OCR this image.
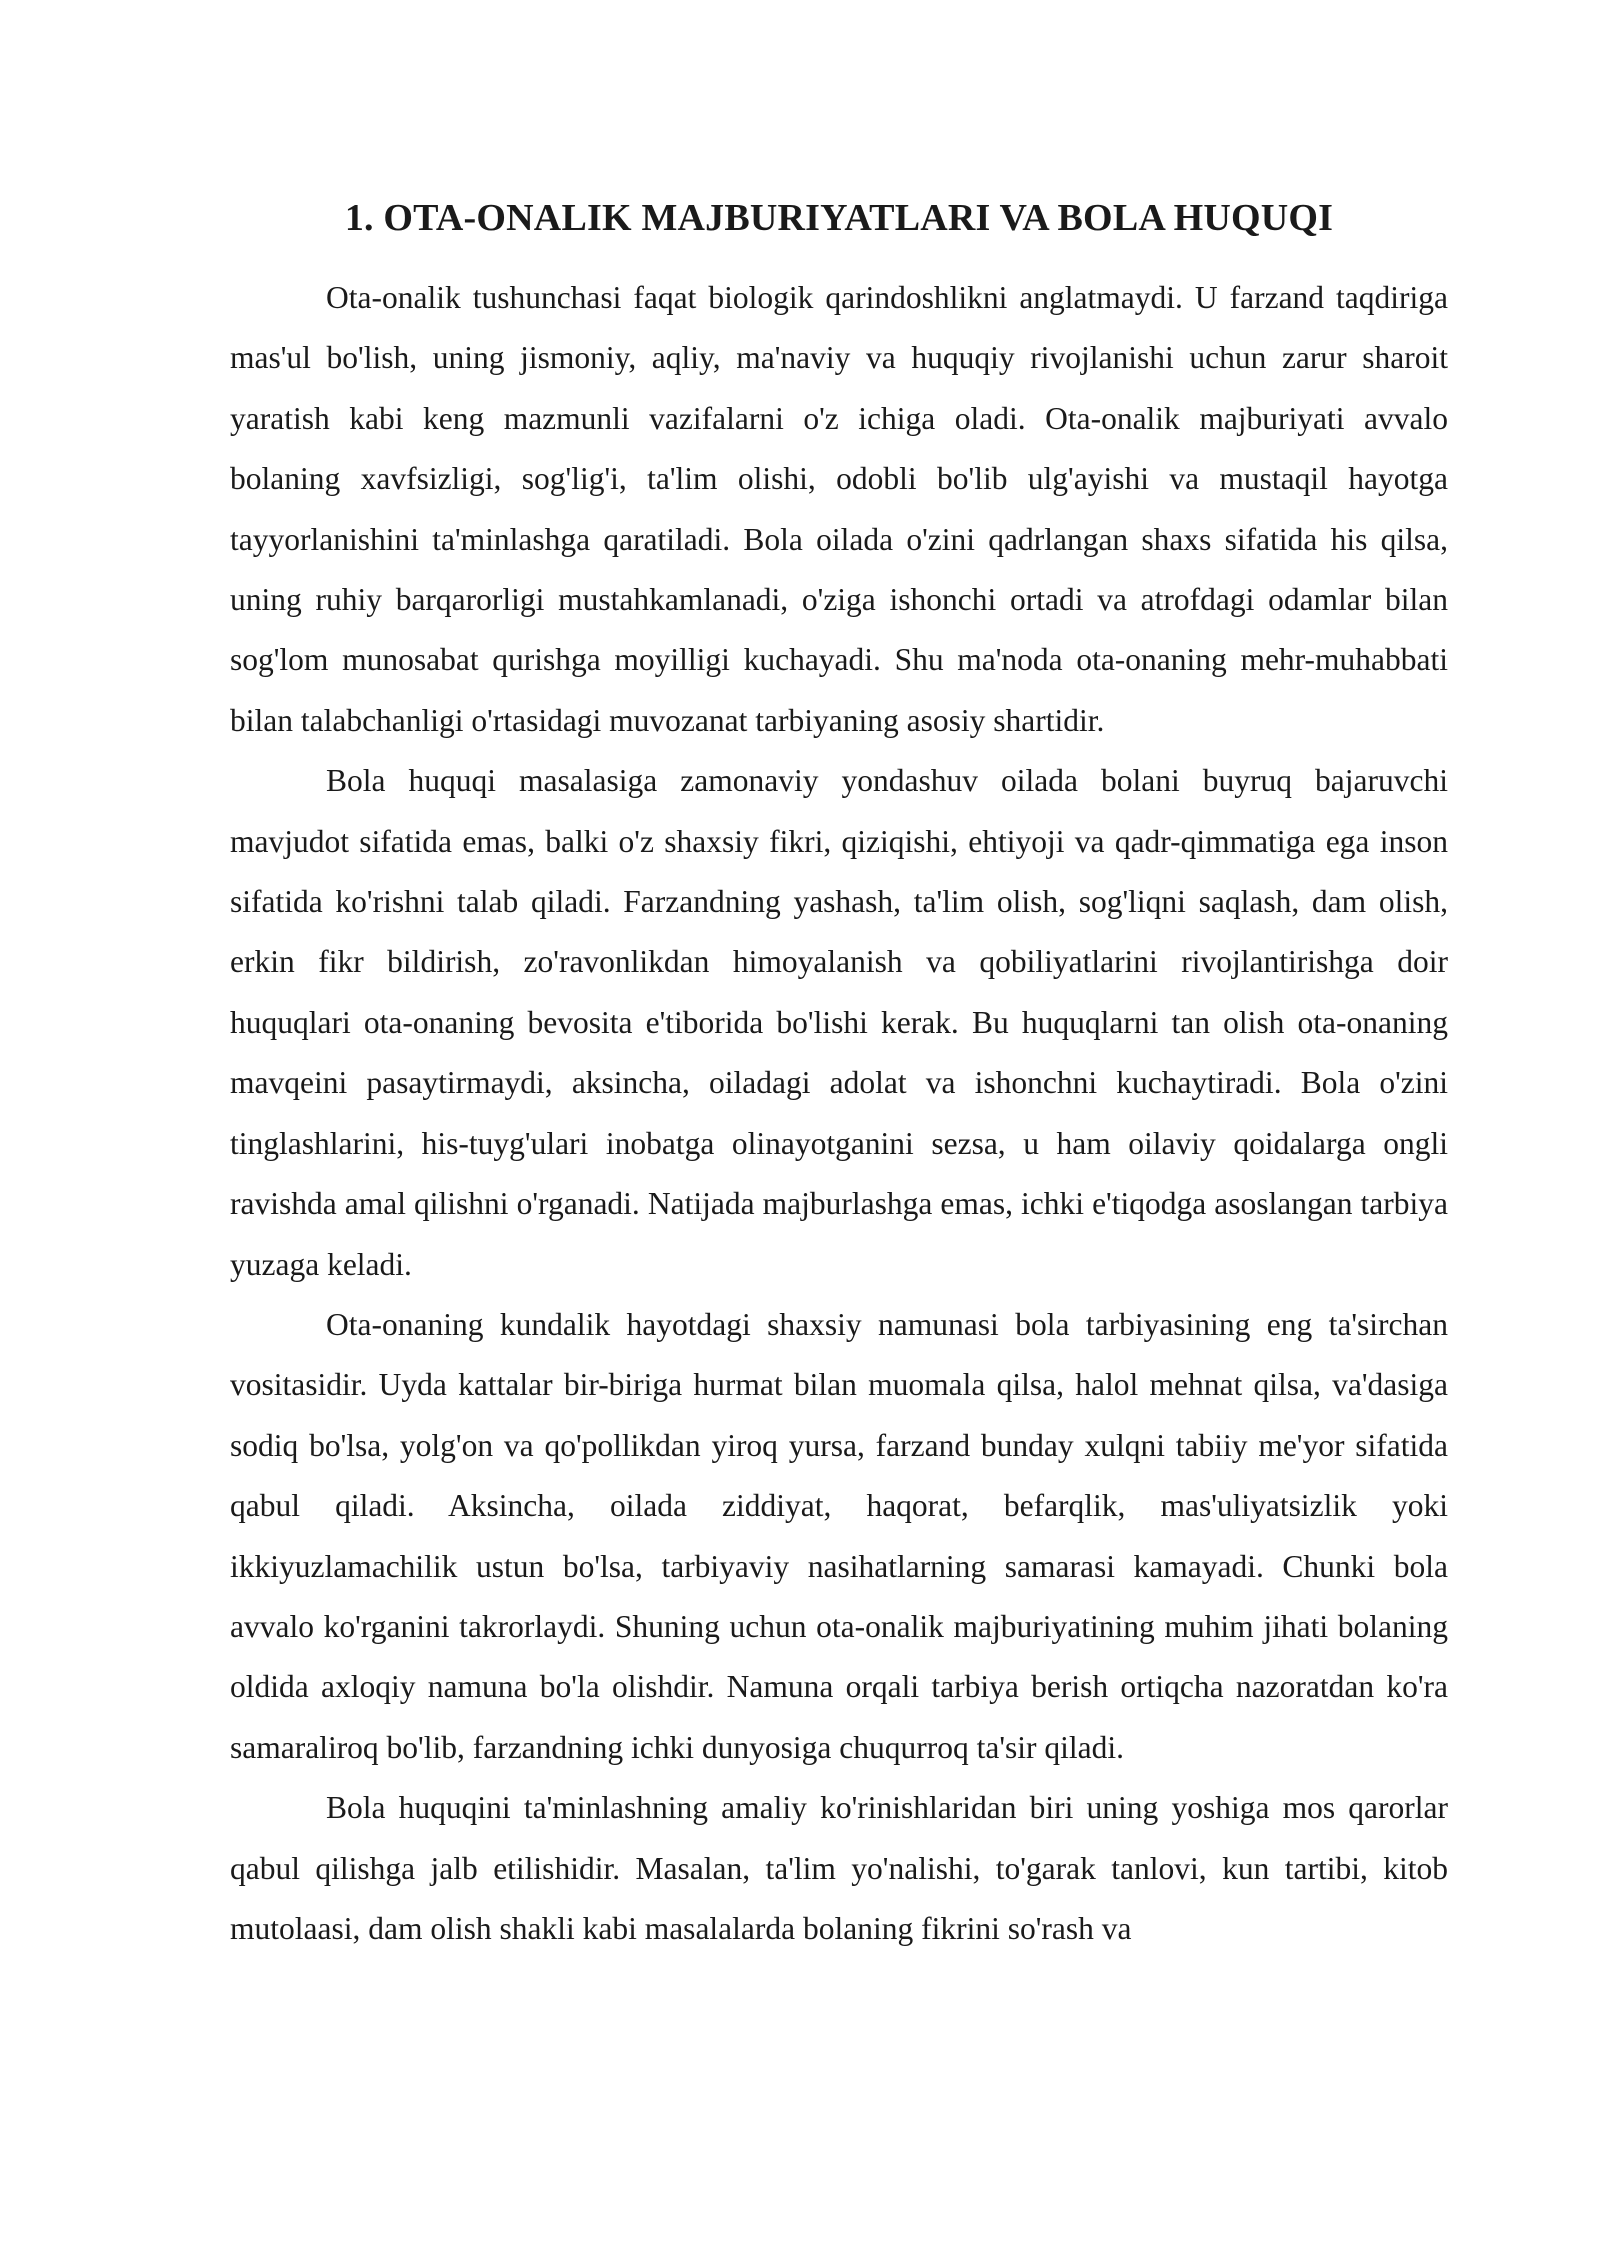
1. OTA-ONALIK MAJBURIYATLARI VA BOLA HUQUQI

Ota-onalik tushunchasi faqat biologik qarindoshlikni anglatmaydi. U farzand taqdiriga mas'ul bo'lish, uning jismoniy, aqliy, ma'naviy va huquqiy rivojlanishi uchun zarur sharoit yaratish kabi keng mazmunli vazifalarni o'z ichiga oladi. Ota-onalik majburiyati avvalo bolaning xavfsizligi, sog'lig'i, ta'lim olishi, odobli bo'lib ulg'ayishi va mustaqil hayotga tayyorlanishini ta'minlashga qaratiladi. Bola oilada o'zini qadrlangan shaxs sifatida his qilsa, uning ruhiy barqarorligi mustahkamlanadi, o'ziga ishonchi ortadi va atrofdagi odamlar bilan sog'lom munosabat qurishga moyilligi kuchayadi. Shu ma'noda ota-onaning mehr-muhabbati bilan talabchanligi o'rtasidagi muvozanat tarbiyaning asosiy shartidir.

Bola huquqi masalasiga zamonaviy yondashuv oilada bolani buyruq bajaruvchi mavjudot sifatida emas, balki o'z shaxsiy fikri, qiziqishi, ehtiyoji va qadr-qimmatiga ega inson sifatida ko'rishni talab qiladi. Farzandning yashash, ta'lim olish, sog'liqni saqlash, dam olish, erkin fikr bildirish, zo'ravonlikdan himoyalanish va qobiliyatlarini rivojlantirishga doir huquqlari ota-onaning bevosita e'tiborida bo'lishi kerak. Bu huquqlarni tan olish ota-onaning mavqeini pasaytirmaydi, aksincha, oiladagi adolat va ishonchni kuchaytiradi. Bola o'zini tinglashlarini, his-tuyg'ulari inobatga olinayotganini sezsa, u ham oilaviy qoidalarga ongli ravishda amal qilishni o'rganadi. Natijada majburlashga emas, ichki e'tiqodga asoslangan tarbiya yuzaga keladi.

Ota-onaning kundalik hayotdagi shaxsiy namunasi bola tarbiyasining eng ta'sirchan vositasidir. Uyda kattalar bir-biriga hurmat bilan muomala qilsa, halol mehnat qilsa, va'dasiga sodiq bo'lsa, yolg'on va qo'pollikdan yiroq yursa, farzand bunday xulqni tabiiy me'yor sifatida qabul qiladi. Aksincha, oilada ziddiyat, haqorat, befarqlik, mas'uliyatsizlik yoki ikkiyuzlamachilik ustun bo'lsa, tarbiyaviy nasihatlarning samarasi kamayadi. Chunki bola avvalo ko'rganini takrorlaydi. Shuning uchun ota-onalik majburiyatining muhim jihati bolaning oldida axloqiy namuna bo'la olishdir. Namuna orqali tarbiya berish ortiqcha nazoratdan ko'ra samaraliroq bo'lib, farzandning ichki dunyosiga chuqurroq ta'sir qiladi.

Bola huquqini ta'minlashning amaliy ko'rinishlaridan biri uning yoshiga mos qarorlar qabul qilishga jalb etilishidir. Masalan, ta'lim yo'nalishi, to'garak tanlovi, kun tartibi, kitob mutolaasi, dam olish shakli kabi masalalarda bolaning fikrini so'rash va
